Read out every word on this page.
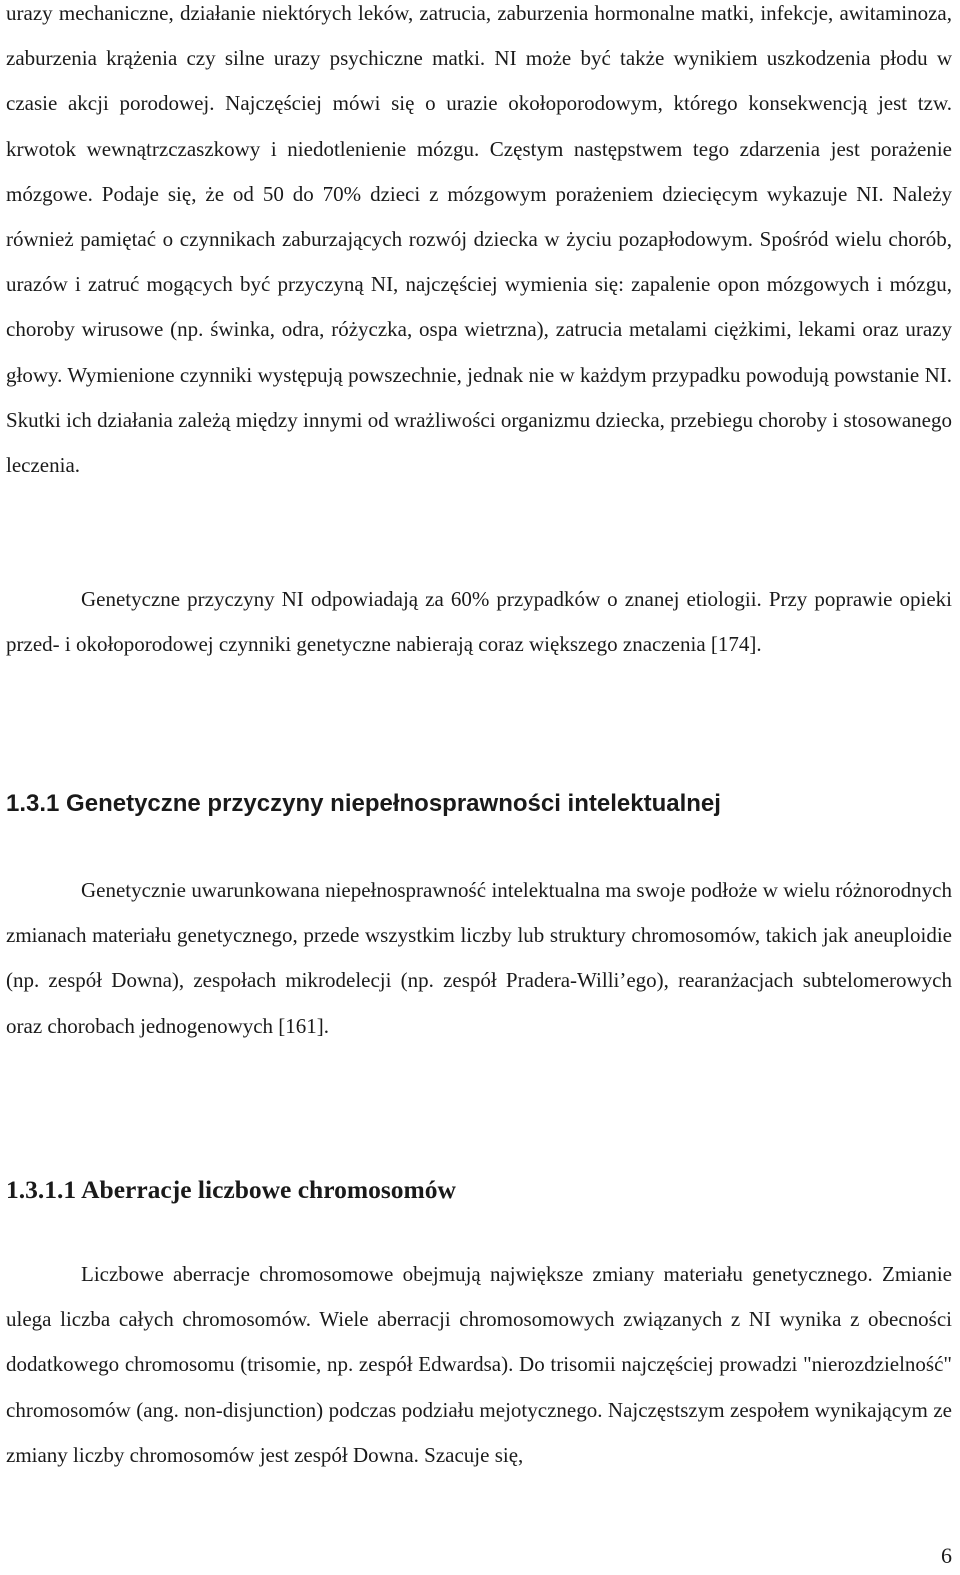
urazy mechaniczne, działanie niektórych leków, zatrucia, zaburzenia hormonalne matki, infekcje, awitaminoza, zaburzenia krążenia czy silne urazy psychiczne matki. NI może być także wynikiem uszkodzenia płodu w czasie akcji porodowej. Najczęściej mówi się o urazie okołoporodowym, którego konsekwencją jest tzw. krwotok wewnątrzczaszkowy i niedotlenienie mózgu. Częstym następstwem tego zdarzenia jest porażenie mózgowe. Podaje się, że od 50 do 70% dzieci z mózgowym porażeniem dziecięcym wykazuje NI. Należy również pamiętać o czynnikach zaburzających rozwój dziecka w życiu pozapłodowym. Spośród wielu chorób, urazów i zatruć mogących być przyczyną NI, najczęściej wymienia się: zapalenie opon mózgowych i mózgu, choroby wirusowe (np. świnka, odra, różyczka, ospa wietrzna), zatrucia metalami ciężkimi, lekami oraz urazy głowy. Wymienione czynniki występują powszechnie, jednak nie w każdym przypadku powodują powstanie NI. Skutki ich działania zależą między innymi od wrażliwości organizmu dziecka, przebiegu choroby i stosowanego leczenia.

Genetyczne przyczyny NI odpowiadają za 60% przypadków o znanej etiologii. Przy poprawie opieki przed- i okołoporodowej czynniki genetyczne nabierają coraz większego znaczenia [174].

1.3.1 Genetyczne przyczyny niepełnosprawności intelektualnej

Genetycznie uwarunkowana niepełnosprawność intelektualna ma swoje podłoże w wielu różnorodnych zmianach materiału genetycznego, przede wszystkim liczby lub struktury chromosomów, takich jak aneuploidie (np. zespół Downa), zespołach mikrodelecji (np. zespół Pradera-Willi’ego), rearanżacjach subtelomerowych oraz chorobach jednogenowych [161].

1.3.1.1 Aberracje liczbowe chromosomów

Liczbowe aberracje chromosomowe obejmują największe zmiany materiału genetycznego. Zmianie ulega liczba całych chromosomów. Wiele aberracji chromosomowych związanych z NI wynika z obecności dodatkowego chromosomu (trisomie, np. zespół Edwardsa). Do trisomii najczęściej prowadzi "nierozdzielność" chromosomów (ang. non-disjunction) podczas podziału mejotycznego. Najczęstszym zespołem wynikającym ze zmiany liczby chromosomów jest zespół Downa. Szacuje się,

6
